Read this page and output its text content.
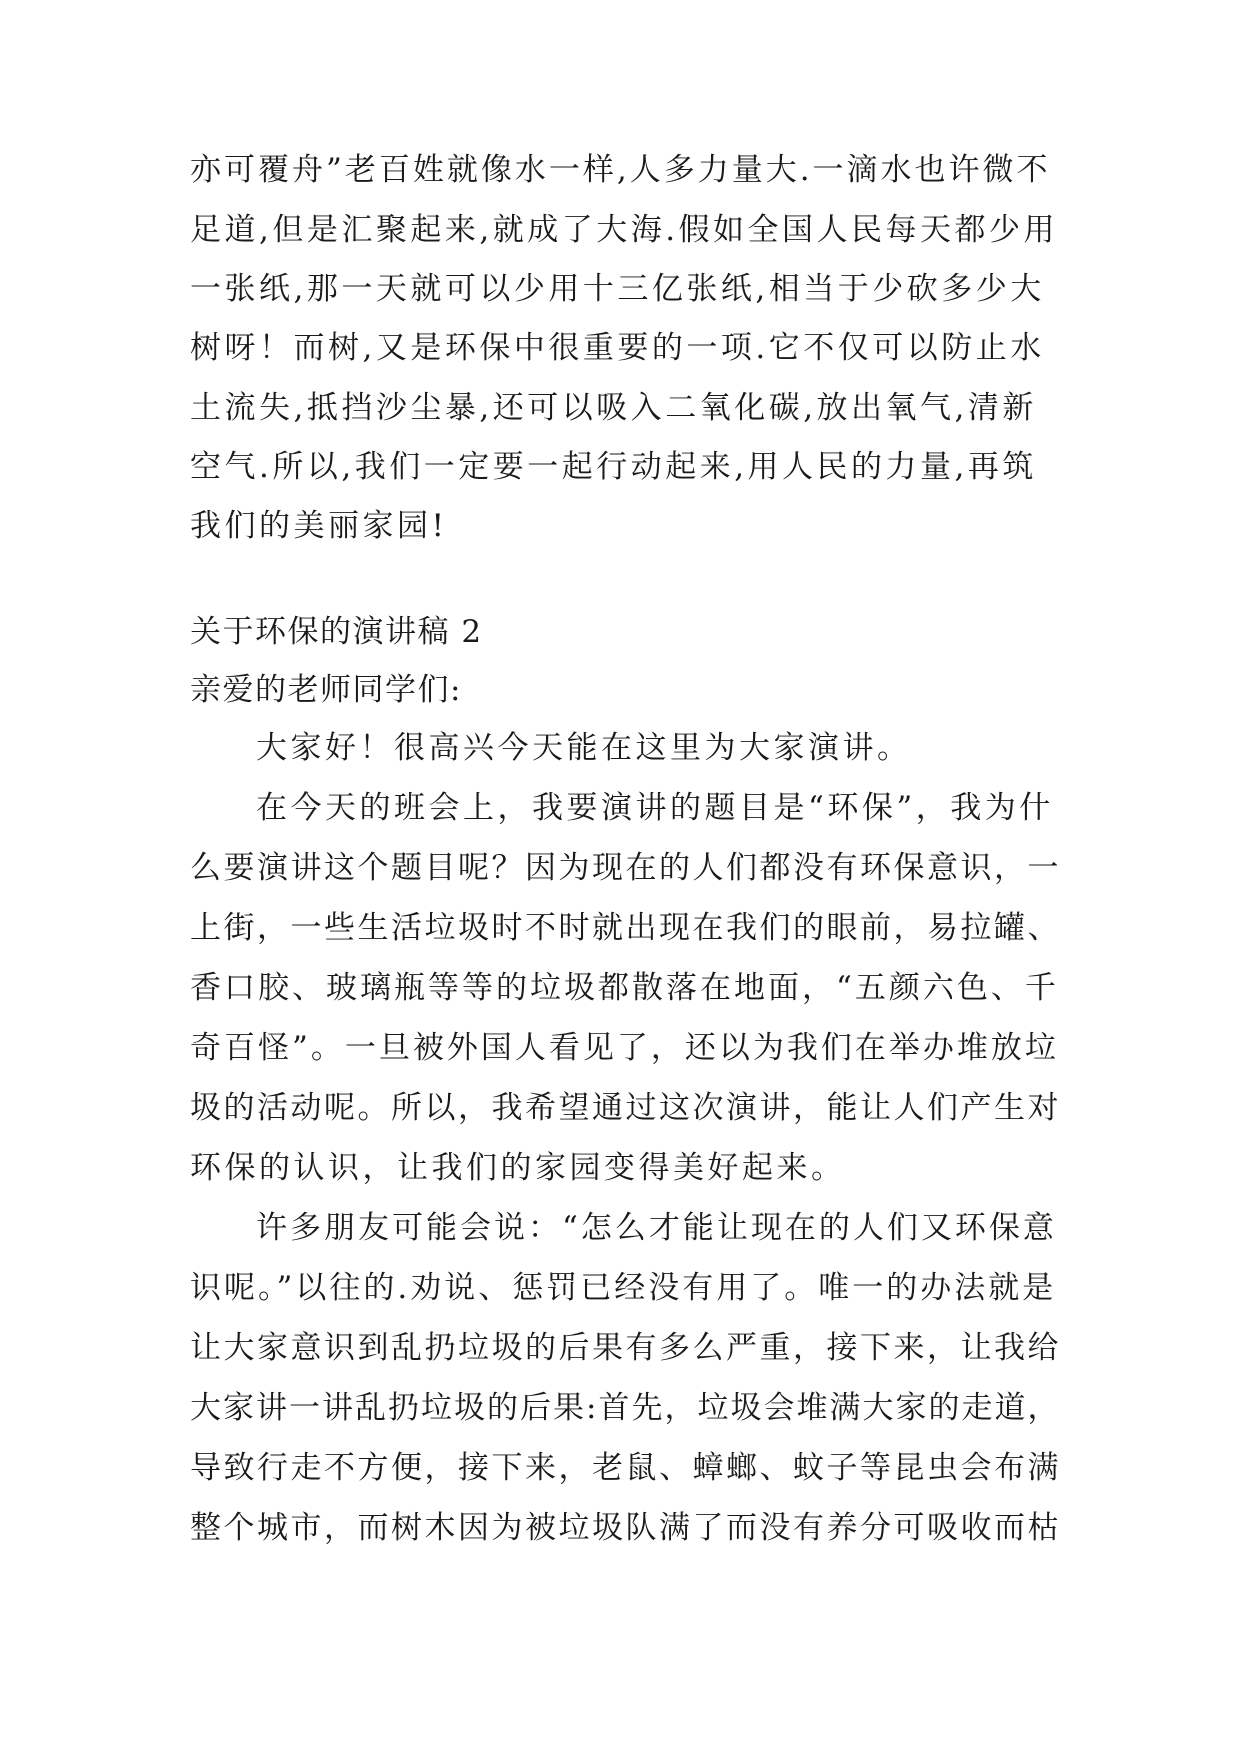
亦可覆舟”老百姓就像水一样,人多力量大.一滴水也许微不
足道,但是汇聚起来,就成了大海.假如全国人民每天都少用
一张纸,那一天就可以少用十三亿张纸,相当于少砍多少大
树呀！而树,又是环保中很重要的一项.它不仅可以防止水
土流失,抵挡沙尘暴,还可以吸入二氧化碳,放出氧气,清新
空气.所以,我们一定要一起行动起来,用人民的力量,再筑
我们的美丽家园!
关于环保的演讲稿 2
亲爱的老师同学们:
大家好！很高兴今天能在这里为大家演讲。
在今天的班会上，我要演讲的题目是“环保”，我为什
么要演讲这个题目呢？因为现在的人们都没有环保意识，一
上街，一些生活垃圾时不时就出现在我们的眼前，易拉罐、
香口胶、玻璃瓶等等的垃圾都散落在地面，“五颜六色、千
奇百怪”。一旦被外国人看见了，还以为我们在举办堆放垃
圾的活动呢。所以，我希望通过这次演讲，能让人们产生对
环保的认识，让我们的家园变得美好起来。
许多朋友可能会说：“怎么才能让现在的人们又环保意
识呢。”以往的.劝说、惩罚已经没有用了。唯一的办法就是
让大家意识到乱扔垃圾的后果有多么严重，接下来，让我给
大家讲一讲乱扔垃圾的后果:首先，垃圾会堆满大家的走道，
导致行走不方便，接下来，老鼠、蟑螂、蚊子等昆虫会布满
整个城市，而树木因为被垃圾队满了而没有养分可吸收而枯
